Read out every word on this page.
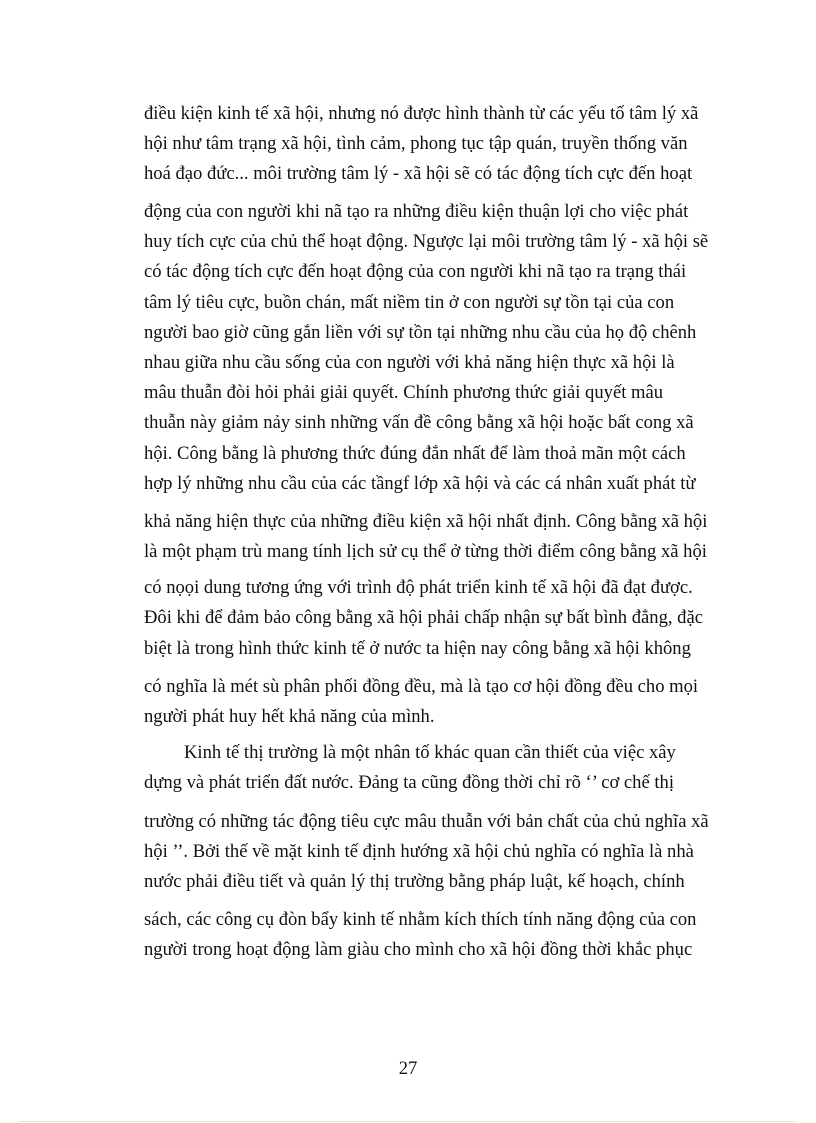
điều kiện kinh tế xã hội, nhưng nó được hình thành từ các yếu tố tâm lý xã
hội như tâm trạng xã hội, tình cảm, phong tục tập quán, truyền thống văn
hoá đạo đức... môi trường tâm lý - xã hội sẽ có tác động tích cực đến hoạt
động của con người khi nã tạo ra những điều kiện thuận lợi cho việc phát
huy tích cực của chủ thể hoạt động. Ngược lại môi trường tâm lý - xã hội sẽ
có tác động tích cực đến hoạt động của con người khi nã tạo ra trạng thái
tâm lý tiêu cực, buồn chán, mất niềm tin ở con người sự tồn tại của con
người bao giờ cũng gắn liền với sự tồn tại những nhu cầu của họ độ chênh
nhau giữa nhu cầu sống của con người với khả năng hiện thực xã hội là
mâu thuẫn đòi hỏi phải giải quyết. Chính phương thức giải quyết mâu
thuẫn này giảm nảy sinh những vấn đề công bằng xã hội hoặc bất cong xã
hội. Công bằng là phương thức đúng đắn nhất để làm thoả mãn một cách
hợp lý những nhu cầu của các tầngf lớp xã hội và các cá nhân xuất phát từ
khả năng hiện thực của những điều kiện xã hội nhất định. Công bằng xã hội
là một phạm trù mang tính lịch sử cụ thể ở từng thời điểm công bằng xã hội
có nọọi dung tương ứng với trình độ phát triển kinh tế xã hội đã đạt được.
Đôi khi để đảm bảo công bằng xã hội phải chấp nhận sự bất bình đẳng, đặc
biệt là trong hình thức kinh tế ở nước ta hiện nay công bằng xã hội không
có nghĩa là mét sù phân phối đồng đều, mà là tạo cơ hội đồng đều cho mọi
người phát huy hết khả năng của mình.
Kinh tế thị trường là một nhân tố khác quan cần thiết của việc xây
dựng và phát triển đất nước. Đảng ta cũng đồng thời chỉ rõ ‘’ cơ chế thị
trường có những tác động tiêu cực mâu thuẫn với bản chất của chủ nghĩa xã
hội ’’. Bởi thế về mặt kinh tế định hướng xã hội chủ nghĩa có nghĩa là nhà
nước phải điều tiết và quản lý thị trường bằng pháp luật, kế hoạch, chính
sách, các công cụ đòn bẩy kinh tế nhằm kích thích tính năng động của con
người trong hoạt động làm giàu cho mình cho xã hội đồng thời khắc phục
27
